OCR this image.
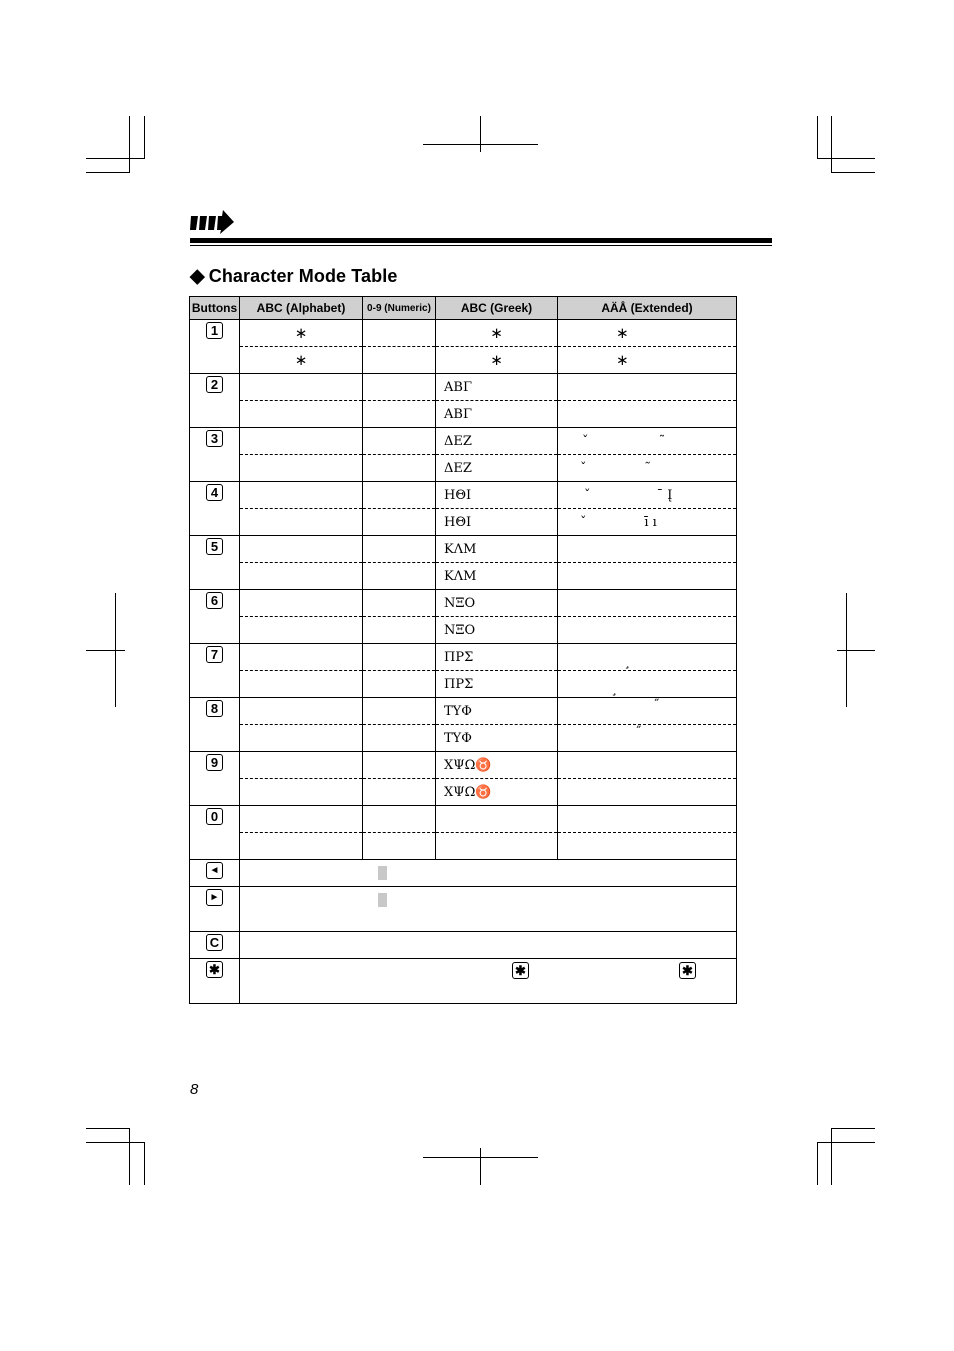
◆ Character Mode Table
Buttons	ABC (Alphabet)	0-9 (Numeric)	ABC (Greek)	AÄÅ (Extended)
1	∗		∗	∗
	∗		∗	∗
2			ΑΒΓ	
			ΑΒΓ	
3			ΔΕΖ	ˇ                 ˜
			ΔΕΖ	ˇ              ˜
4			ΗΘΙ	ˇ                ¯ Į
			ΗΘΙ	ˇ              ī ı
5			ΚΛΜ	
			ΚΛΜ	
6			ΝΞΟ	
			ΝΞΟ	
7			ΠΡΣ	¸
			ΠΡΣ	¸
8			ΤΥΦ	˝
			ΤΥΦ	˝
9			ΧΨΩ♉	
			ΧΨΩ♉	
0				

◄				
►				
C				
✱	✱ ✱			
8
